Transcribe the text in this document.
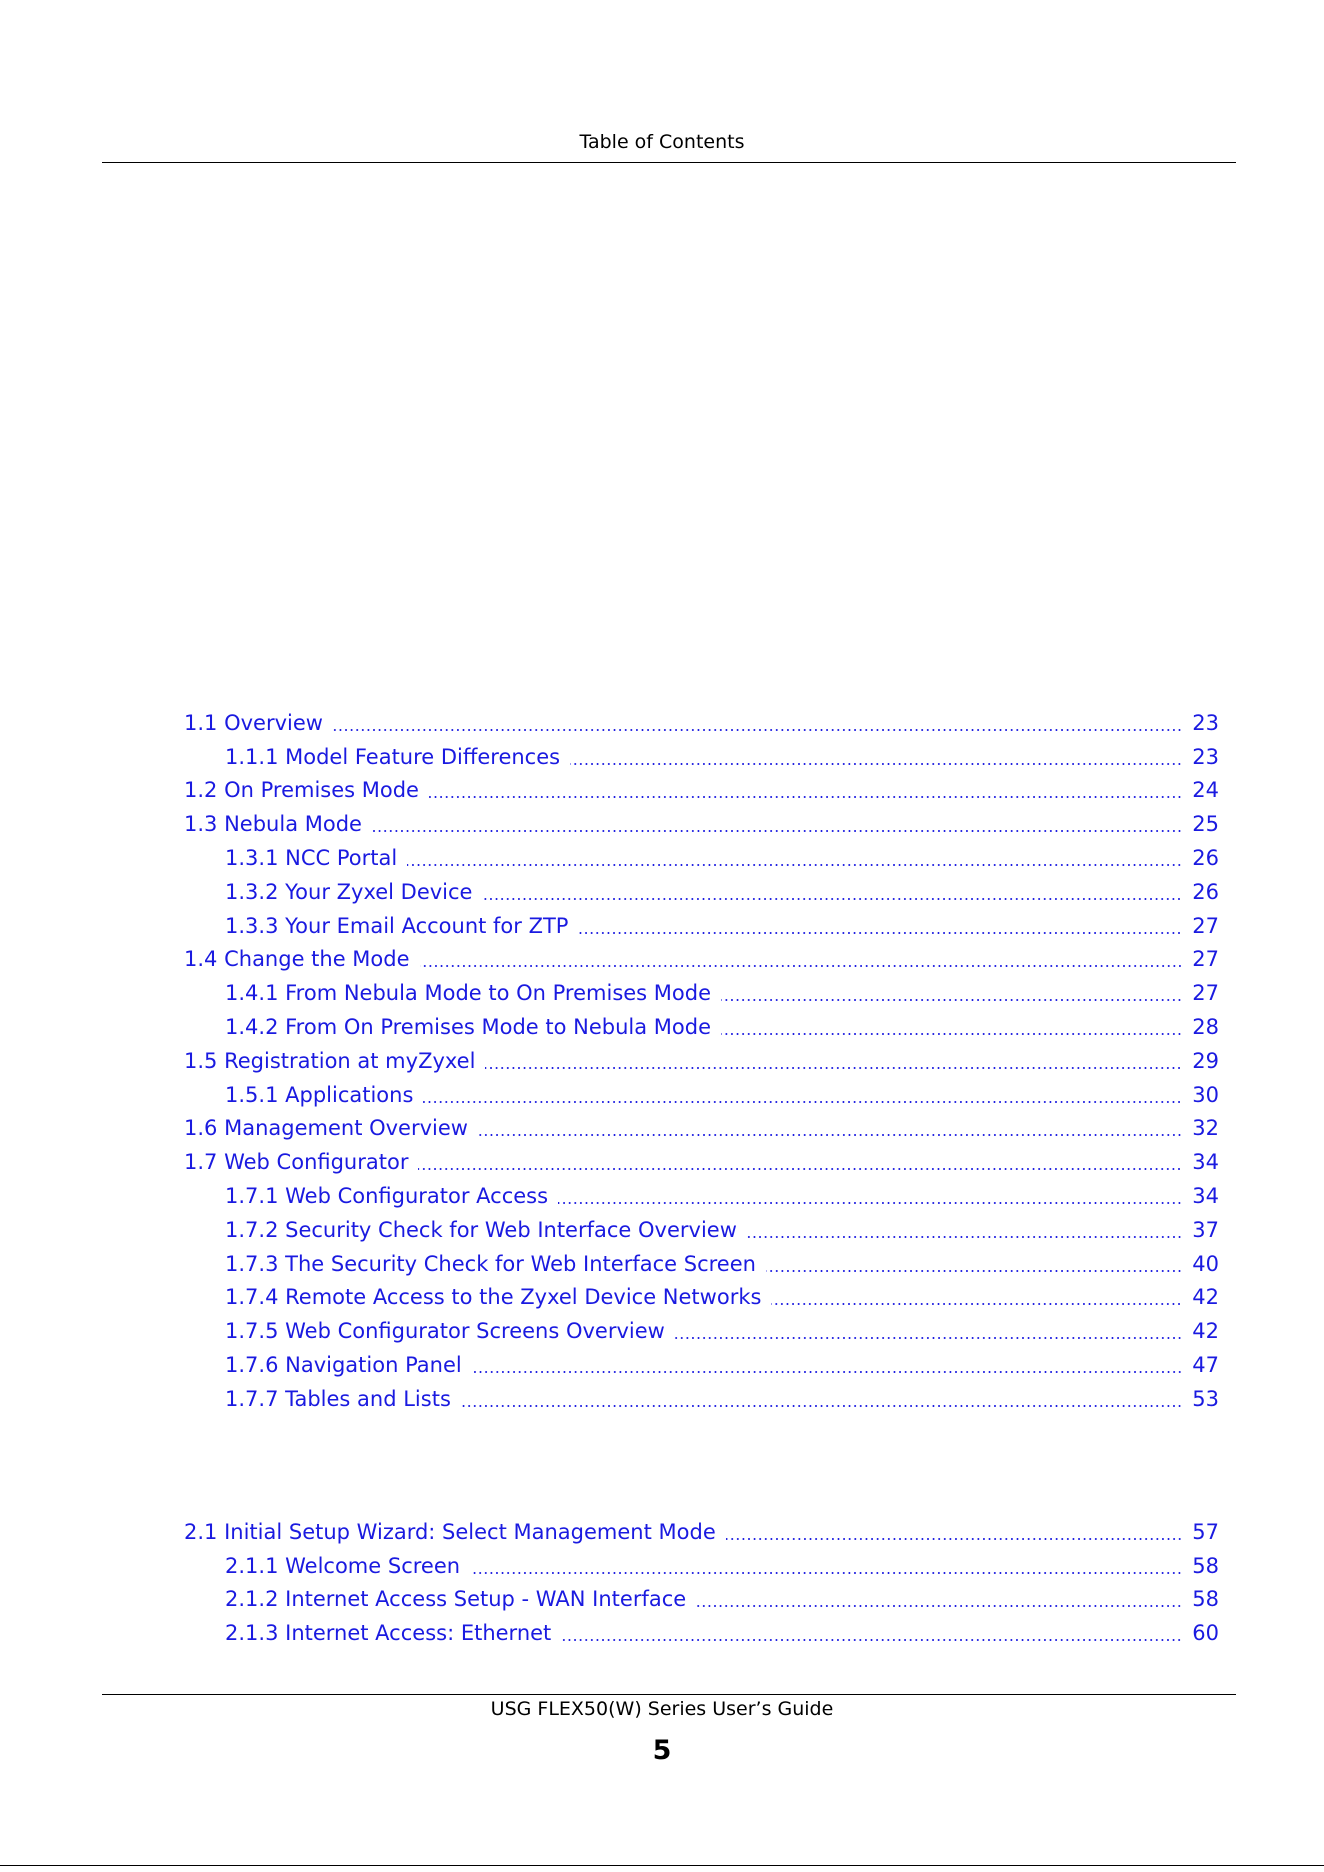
Table of Contents
1.1 Overview	23
1.1.1 Model Feature Differences	23
1.2 On Premises Mode	24
1.3 Nebula Mode	25
1.3.1 NCC Portal	26
1.3.2 Your Zyxel Device	26
1.3.3 Your Email Account for ZTP	27
1.4 Change the Mode	27
1.4.1 From Nebula Mode to On Premises Mode	27
1.4.2 From On Premises Mode to Nebula Mode	28
1.5 Registration at myZyxel	29
1.5.1 Applications	30
1.6 Management Overview	32
1.7 Web Configurator	34
1.7.1 Web Configurator Access	34
1.7.2 Security Check for Web Interface Overview	37
1.7.3 The Security Check for Web Interface Screen	40
1.7.4 Remote Access to the Zyxel Device Networks	42
1.7.5 Web Configurator Screens Overview	42
1.7.6 Navigation Panel	47
1.7.7 Tables and Lists	53
2.1 Initial Setup Wizard: Select Management Mode	57
2.1.1 Welcome Screen	58
2.1.2 Internet Access Setup - WAN Interface	58
2.1.3 Internet Access: Ethernet	60
USG FLEX50(W) Series User’s Guide
5
